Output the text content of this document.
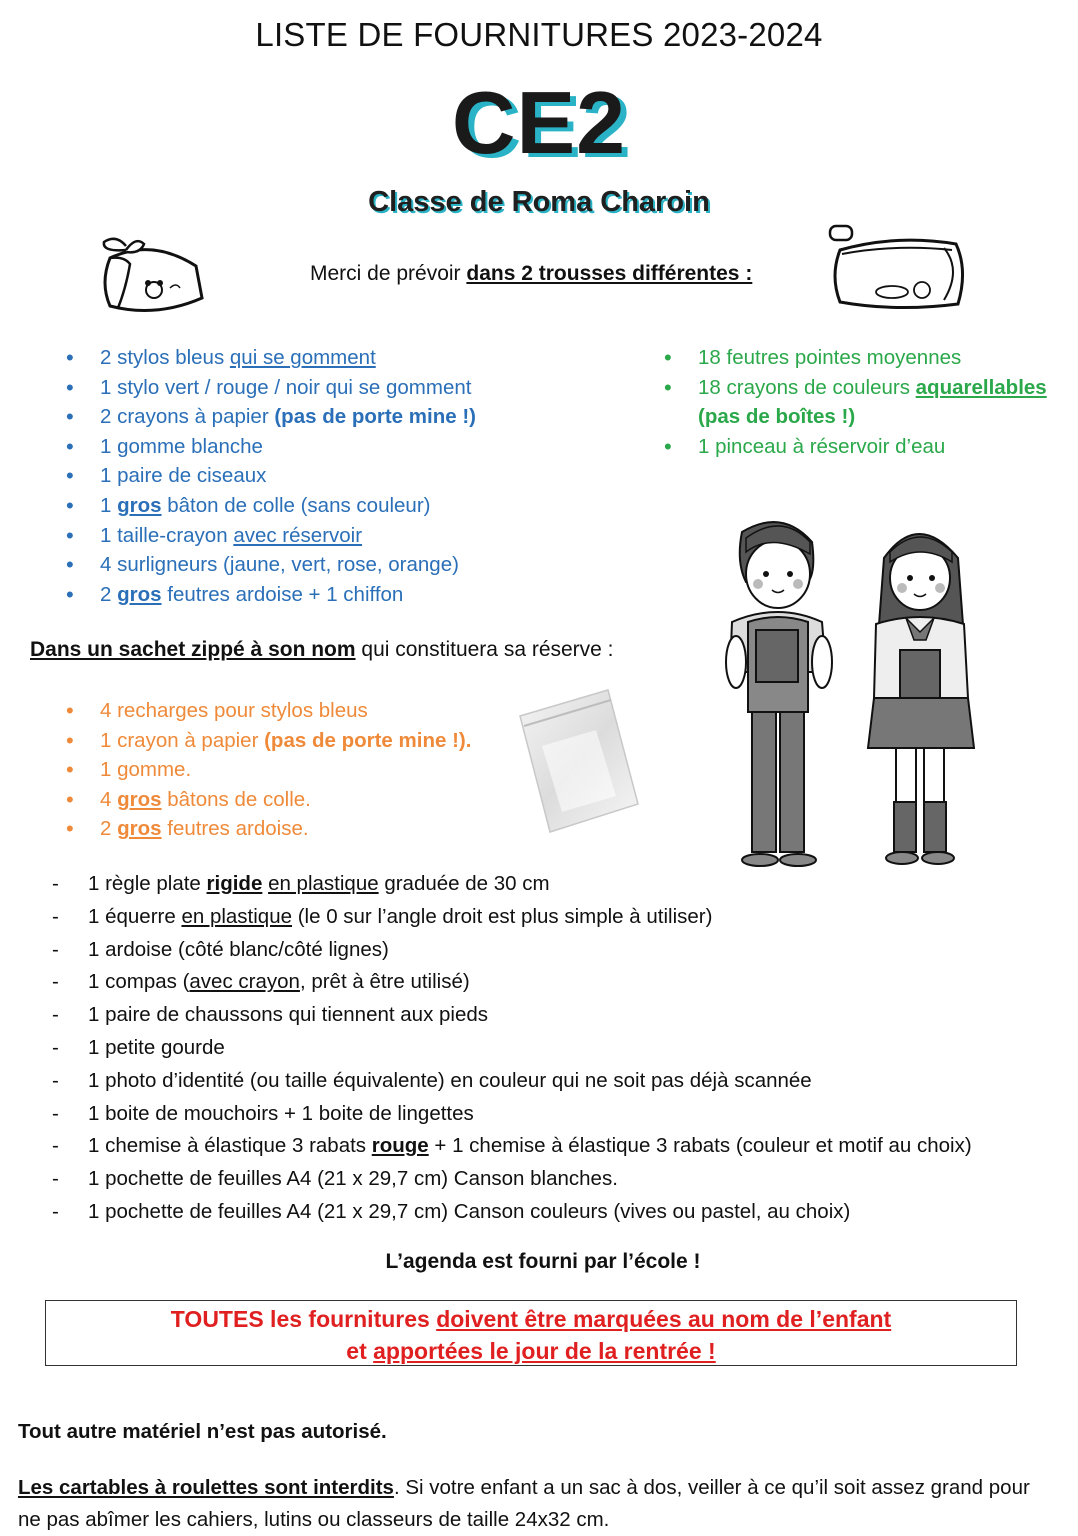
LISTE DE FOURNITURES 2023-2024
CE2
Classe de Roma Charoin
Merci de prévoir dans 2 trousses différentes :
• 2 stylos bleus qui se gomment
• 1 stylo vert / rouge / noir qui se gomment
• 2 crayons à papier (pas de porte mine !)
• 1 gomme blanche
• 1 paire de ciseaux
• 1 gros bâton de colle (sans couleur)
• 1 taille-crayon avec réservoir
• 4 surligneurs (jaune, vert, rose, orange)
• 2 gros feutres ardoise + 1 chiffon
• 18 feutres pointes moyennes
• 18 crayons de couleurs aquarellables
(pas de boîtes !)
• 1 pinceau à réservoir d’eau
Dans un sachet zippé à son nom qui constituera sa réserve :
• 4 recharges pour stylos bleus
• 1 crayon à papier (pas de porte mine !).
• 1 gomme.
• 4 gros bâtons de colle.
• 2 gros feutres ardoise.
- 1 règle plate rigide en plastique graduée de 30 cm
- 1 équerre en plastique (le 0 sur l’angle droit est plus simple à utiliser)
- 1 ardoise (côté blanc/côté lignes)
- 1 compas (avec crayon, prêt à être utilisé)
- 1 paire de chaussons qui tiennent aux pieds
- 1 petite gourde
- 1 photo d’identité (ou taille équivalente) en couleur qui ne soit pas déjà scannée
- 1 boite de mouchoirs + 1 boite de lingettes
- 1 chemise à élastique 3 rabats rouge + 1 chemise à élastique 3 rabats (couleur et motif au choix)
- 1 pochette de feuilles A4 (21 x 29,7 cm) Canson blanches.
- 1 pochette de feuilles A4 (21 x 29,7 cm) Canson couleurs (vives ou pastel, au choix)
L’agenda est fourni par l’école !
TOUTES les fournitures doivent être marquées au nom de l’enfant
et apportées le jour de la rentrée !
Tout autre matériel n’est pas autorisé.
Les cartables à roulettes sont interdits. Si votre enfant a un sac à dos, veiller à ce qu’il soit assez grand pour ne pas abîmer les cahiers, lutins ou classeurs de taille 24x32 cm.
